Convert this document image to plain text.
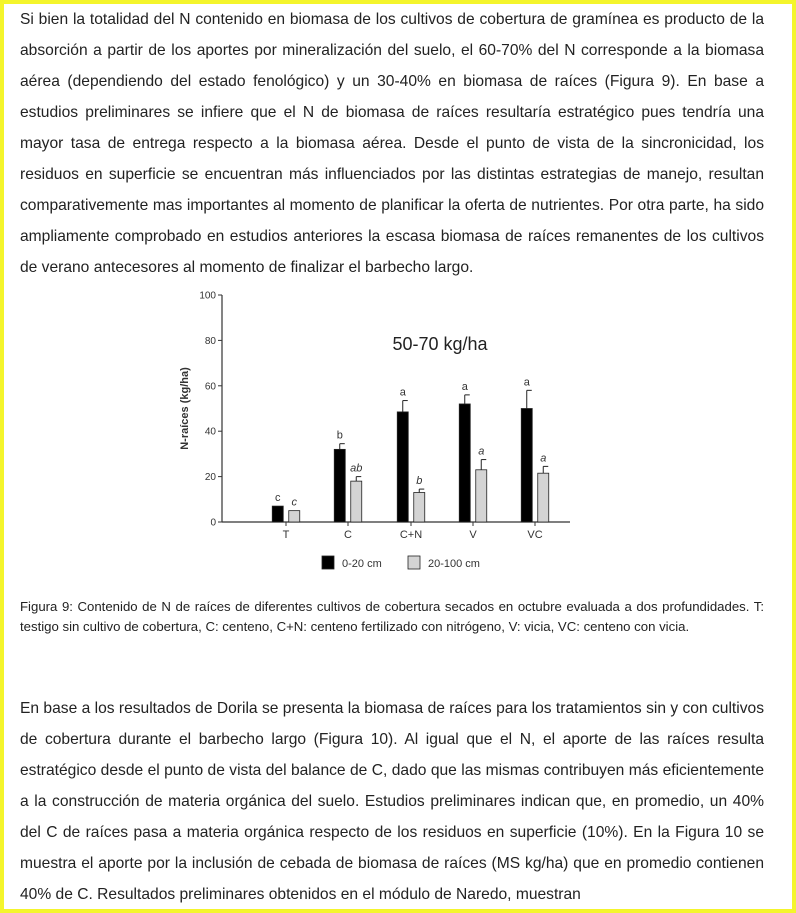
Si bien la totalidad del N contenido en biomasa de los cultivos de cobertura de gramínea es producto de la absorción a partir de los aportes por mineralización del suelo, el 60-70% del N corresponde a la biomasa aérea (dependiendo del estado fenológico) y un 30-40% en biomasa de raíces (Figura 9). En base a estudios preliminares se infiere que el N de biomasa de raíces resultaría estratégico pues tendría una mayor tasa de entrega respecto a la biomasa aérea. Desde el punto de vista de la sincronicidad, los residuos en superficie se encuentran más influenciados por las distintas estrategias de manejo, resultan comparativemente mas importantes al momento de planificar la oferta de nutrientes. Por otra parte, ha sido ampliamente comprobado en estudios anteriores la escasa biomasa de raíces remanentes de los cultivos de verano antecesores al momento de finalizar el barbecho largo.

0
20
40
60
80
100
N-raíces (kg/ha)
50-70 kg/ha
T	C	C+N	V	VC
c c
b
ab
a
b
a
a
a
a
0-20 cm	20-100 cm

Figura 9: Contenido de N de raíces de diferentes cultivos de cobertura secados en octubre evaluada a dos profundidades. T: testigo sin cultivo de cobertura, C: centeno, C+N: centeno fertilizado con nitrógeno, V: vicia, VC: centeno con vicia.

En base a los resultados de Dorila se presenta la biomasa de raíces para los tratamientos sin y con cultivos de cobertura durante el barbecho largo (Figura 10). Al igual que el N, el aporte de las raíces resulta estratégico desde el punto de vista del balance de C, dado que las mismas contribuyen más eficientemente a la construcción de materia orgánica del suelo. Estudios preliminares indican que, en promedio, un 40% del C de raíces pasa a materia orgánica respecto de los residuos en superficie (10%). En la Figura 10 se muestra el aporte por la inclusión de cebada de biomasa de raíces (MS kg/ha) que en promedio contienen 40% de C. Resultados preliminares obtenidos en el módulo de Naredo, muestran
